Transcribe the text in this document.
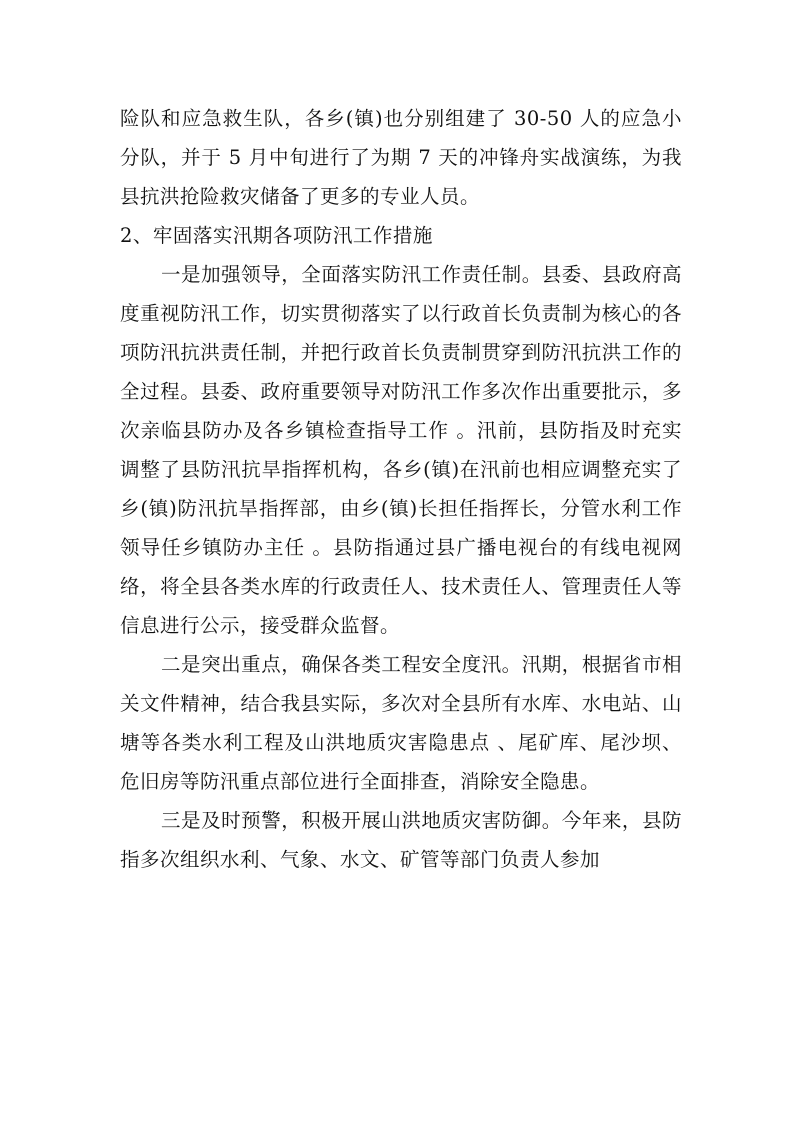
险队和应急救生队，各乡(镇)也分别组建了 30-50 人的应急小分队，并于 5 月中旬进行了为期 7 天的冲锋舟实战演练，为我县抗洪抢险救灾储备了更多的专业人员。

2、牢固落实汛期各项防汛工作措施

一是加强领导，全面落实防汛工作责任制。县委、县政府高度重视防汛工作，切实贯彻落实了以行政首长负责制为核心的各项防汛抗洪责任制，并把行政首长负责制贯穿到防汛抗洪工作的全过程。县委、政府重要领导对防汛工作多次作出重要批示，多次亲临县防办及各乡镇检查指导工作 。汛前，县防指及时充实调整了县防汛抗旱指挥机构，各乡(镇)在汛前也相应调整充实了乡(镇)防汛抗旱指挥部，由乡(镇)长担任指挥长，分管水利工作领导任乡镇防办主任 。县防指通过县广播电视台的有线电视网络，将全县各类水库的行政责任人、技术责任人、管理责任人等信息进行公示，接受群众监督。

二是突出重点，确保各类工程安全度汛。汛期，根据省市相关文件精神，结合我县实际，多次对全县所有水库、水电站、山塘等各类水利工程及山洪地质灾害隐患点 、尾矿库、尾沙坝、危旧房等防汛重点部位进行全面排查，消除安全隐患。

三是及时预警，积极开展山洪地质灾害防御。今年来，县防指多次组织水利、气象、水文、矿管等部门负责人参加
